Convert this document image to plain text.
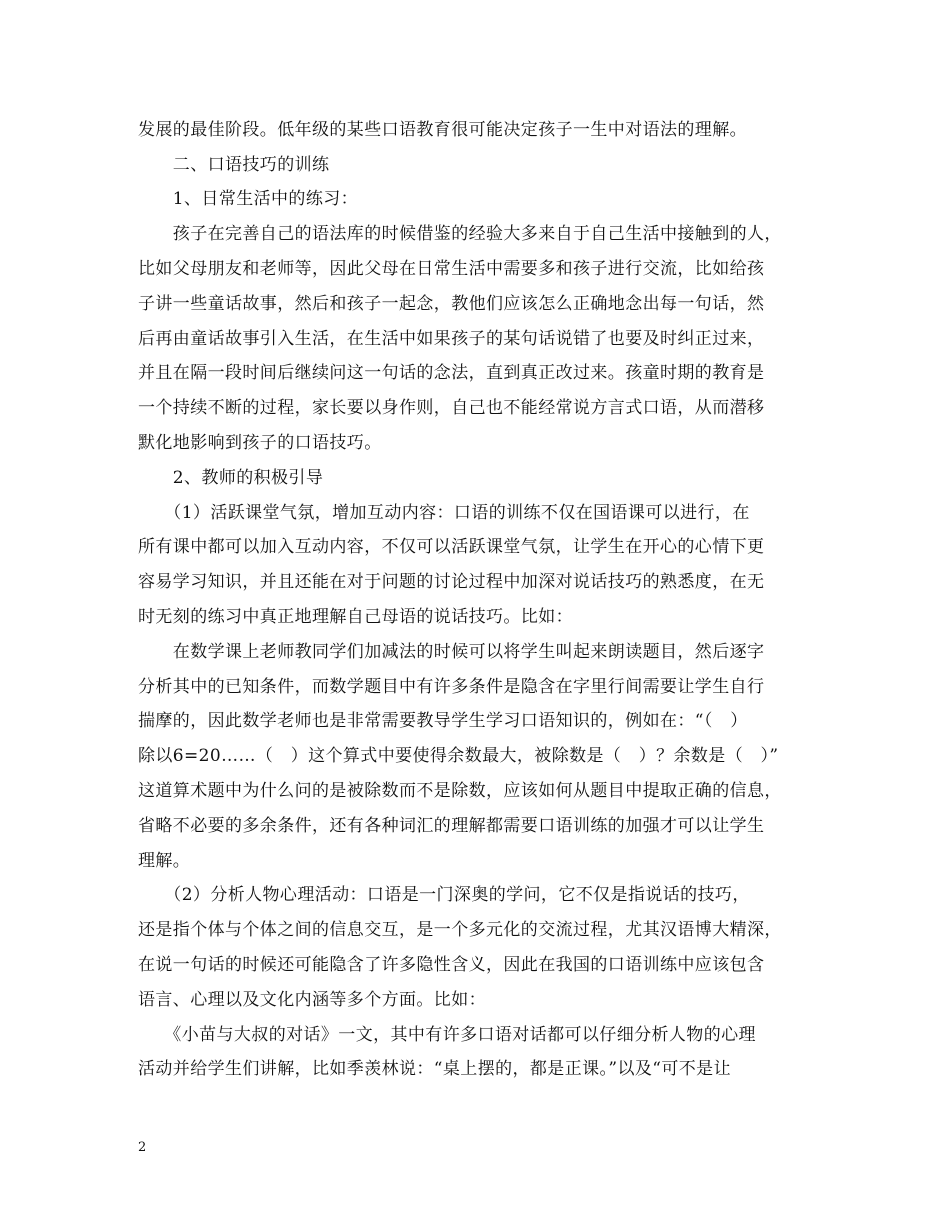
发展的最佳阶段。低年级的某些口语教育很可能决定孩子一生中对语法的理解。
　　二、口语技巧的训练
　　1、日常生活中的练习：
　　孩子在完善自己的语法库的时候借鉴的经验大多来自于自己生活中接触到的人，
比如父母朋友和老师等，因此父母在日常生活中需要多和孩子进行交流，比如给孩
子讲一些童话故事，然后和孩子一起念，教他们应该怎么正确地念出每一句话，然
后再由童话故事引入生活，在生活中如果孩子的某句话说错了也要及时纠正过来，
并且在隔一段时间后继续问这一句话的念法，直到真正改过来。孩童时期的教育是
一个持续不断的过程，家长要以身作则，自己也不能经常说方言式口语，从而潜移
默化地影响到孩子的口语技巧。
　　2、教师的积极引导
　　（1）活跃课堂气氛，增加互动内容：口语的训练不仅在国语课可以进行，在
所有课中都可以加入互动内容，不仅可以活跃课堂气氛，让学生在开心的心情下更
容易学习知识，并且还能在对于问题的讨论过程中加深对说话技巧的熟悉度，在无
时无刻的练习中真正地理解自己母语的说话技巧。比如：
　　在数学课上老师教同学们加减法的时候可以将学生叫起来朗读题目，然后逐字
分析其中的已知条件，而数学题目中有许多条件是隐含在字里行间需要让学生自行
揣摩的，因此数学老师也是非常需要教导学生学习口语知识的，例如在：“（　）
除以6=20……（　）这个算式中要使得余数最大，被除数是（　）？余数是（　）”
这道算术题中为什么问的是被除数而不是除数，应该如何从题目中提取正确的信息，
省略不必要的多余条件，还有各种词汇的理解都需要口语训练的加强才可以让学生
理解。
　　（2）分析人物心理活动：口语是一门深奥的学问，它不仅是指说话的技巧，
还是指个体与个体之间的信息交互，是一个多元化的交流过程，尤其汉语博大精深，
在说一句话的时候还可能隐含了许多隐性含义，因此在我国的口语训练中应该包含
语言、心理以及文化内涵等多个方面。比如：
　　《小苗与大叔的对话》一文，其中有许多口语对话都可以仔细分析人物的心理
活动并给学生们讲解，比如季羡林说：“桌上摆的，都是正课。”以及“可不是让
2
